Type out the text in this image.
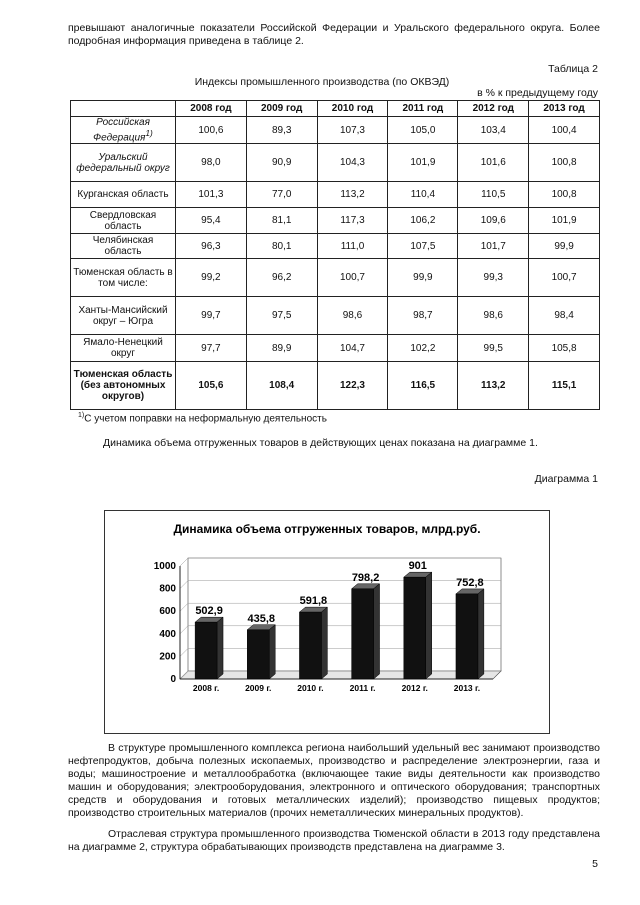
превышают аналогичные показатели Российской Федерации и Уральского федерального округа. Более подробная информация приведена в таблице 2.
Таблица 2
Индексы промышленного производства (по ОКВЭД)
в % к предыдущему году
	2008 год	2009 год	2010 год	2011 год	2012 год	2013 год
Российская Федерация$^{1)}$	100,6	89,3	107,3	105,0	103,4	100,4
Уральский федеральный округ	98,0	90,9	104,3	101,9	101,6	100,8
Курганская область	101,3	77,0	113,2	110,4	110,5	100,8
Свердловская область	95,4	81,1	117,3	106,2	109,6	101,9
Челябинская область	96,3	80,1	111,0	107,5	101,7	99,9
Тюменская область в том числе:	99,2	96,2	100,7	99,9	99,3	100,7
Ханты-Мансийский округ – Югра	99,7	97,5	98,6	98,7	98,6	98,4
Ямало-Ненецкий округ	97,7	89,9	104,7	102,2	99,5	105,8
Тюменская область (без автономных округов)	105,6	108,4	122,3	116,5	113,2	115,1
$^{1)}$С учетом поправки на неформальную деятельность
Динамика объема отгруженных товаров в действующих ценах показана на диаграмме 1.
Диаграмма 1
Динамика объема отгруженных товаров, млрд.руб.
0
200
400
600
800
1000
502,9
2008 г.
435,8
2009 г.
591,8
2010 г.
798,2
2011 г.
901
2012 г.
752,8
2013 г.
В структуре промышленного комплекса региона наибольший удельный вес занимают производство нефтепродуктов, добыча полезных ископаемых, производство и распределение электроэнергии, газа и воды; машиностроение и металлообработка (включающее такие виды деятельности как производство машин и оборудования; электрооборудования, электронного и оптического оборудования; транспортных средств и оборудования и готовых металлических изделий); производство пищевых продуктов; производство строительных материалов (прочих неметаллических минеральных продуктов).
Отраслевая структура промышленного производства Тюменской области в 2013 году представлена на диаграмме 2, структура обрабатывающих производств представлена на диаграмме 3.
5
